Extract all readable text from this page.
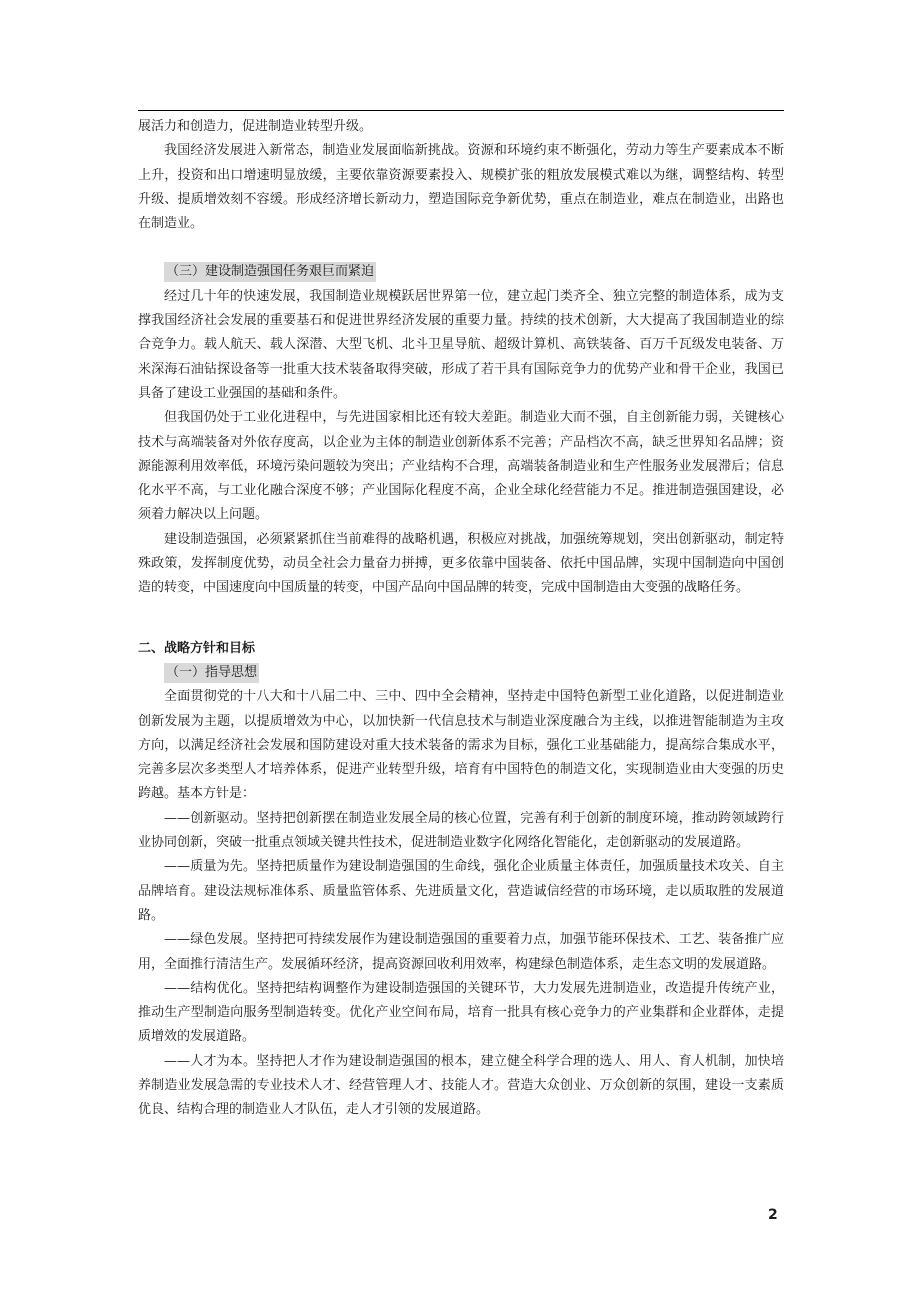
展活力和创造力，促进制造业转型升级。

我国经济发展进入新常态，制造业发展面临新挑战。资源和环境约束不断强化，劳动力等生产要素成本不断上升，投资和出口增速明显放缓，主要依靠资源要素投入、规模扩张的粗放发展模式难以为继，调整结构、转型升级、提质增效刻不容缓。形成经济增长新动力，塑造国际竞争新优势，重点在制造业，难点在制造业，出路也在制造业。

（三）建设制造强国任务艰巨而紧迫

经过几十年的快速发展，我国制造业规模跃居世界第一位，建立起门类齐全、独立完整的制造体系，成为支撑我国经济社会发展的重要基石和促进世界经济发展的重要力量。持续的技术创新，大大提高了我国制造业的综合竞争力。载人航天、载人深潜、大型飞机、北斗卫星导航、超级计算机、高铁装备、百万千瓦级发电装备、万米深海石油钻探设备等一批重大技术装备取得突破，形成了若干具有国际竞争力的优势产业和骨干企业，我国已具备了建设工业强国的基础和条件。

但我国仍处于工业化进程中，与先进国家相比还有较大差距。制造业大而不强，自主创新能力弱，关键核心技术与高端装备对外依存度高，以企业为主体的制造业创新体系不完善；产品档次不高，缺乏世界知名品牌；资源能源利用效率低，环境污染问题较为突出；产业结构不合理，高端装备制造业和生产性服务业发展滞后；信息化水平不高，与工业化融合深度不够；产业国际化程度不高，企业全球化经营能力不足。推进制造强国建设，必须着力解决以上问题。

建设制造强国，必须紧紧抓住当前难得的战略机遇，积极应对挑战，加强统筹规划，突出创新驱动，制定特殊政策，发挥制度优势，动员全社会力量奋力拼搏，更多依靠中国装备、依托中国品牌，实现中国制造向中国创造的转变，中国速度向中国质量的转变，中国产品向中国品牌的转变，完成中国制造由大变强的战略任务。

二、战略方针和目标

（一）指导思想

全面贯彻党的十八大和十八届二中、三中、四中全会精神，坚持走中国特色新型工业化道路，以促进制造业创新发展为主题，以提质增效为中心，以加快新一代信息技术与制造业深度融合为主线，以推进智能制造为主攻方向，以满足经济社会发展和国防建设对重大技术装备的需求为目标，强化工业基础能力，提高综合集成水平，完善多层次多类型人才培养体系，促进产业转型升级，培育有中国特色的制造文化，实现制造业由大变强的历史跨越。基本方针是：

——创新驱动。坚持把创新摆在制造业发展全局的核心位置，完善有利于创新的制度环境，推动跨领域跨行业协同创新，突破一批重点领域关键共性技术，促进制造业数字化网络化智能化，走创新驱动的发展道路。

——质量为先。坚持把质量作为建设制造强国的生命线，强化企业质量主体责任，加强质量技术攻关、自主品牌培育。建设法规标准体系、质量监管体系、先进质量文化，营造诚信经营的市场环境，走以质取胜的发展道路。

——绿色发展。坚持把可持续发展作为建设制造强国的重要着力点，加强节能环保技术、工艺、装备推广应用，全面推行清洁生产。发展循环经济，提高资源回收利用效率，构建绿色制造体系，走生态文明的发展道路。

——结构优化。坚持把结构调整作为建设制造强国的关键环节，大力发展先进制造业，改造提升传统产业，推动生产型制造向服务型制造转变。优化产业空间布局，培育一批具有核心竞争力的产业集群和企业群体，走提质增效的发展道路。

——人才为本。坚持把人才作为建设制造强国的根本，建立健全科学合理的选人、用人、育人机制，加快培养制造业发展急需的专业技术人才、经营管理人才、技能人才。营造大众创业、万众创新的氛围，建设一支素质优良、结构合理的制造业人才队伍，走人才引领的发展道路。

2
